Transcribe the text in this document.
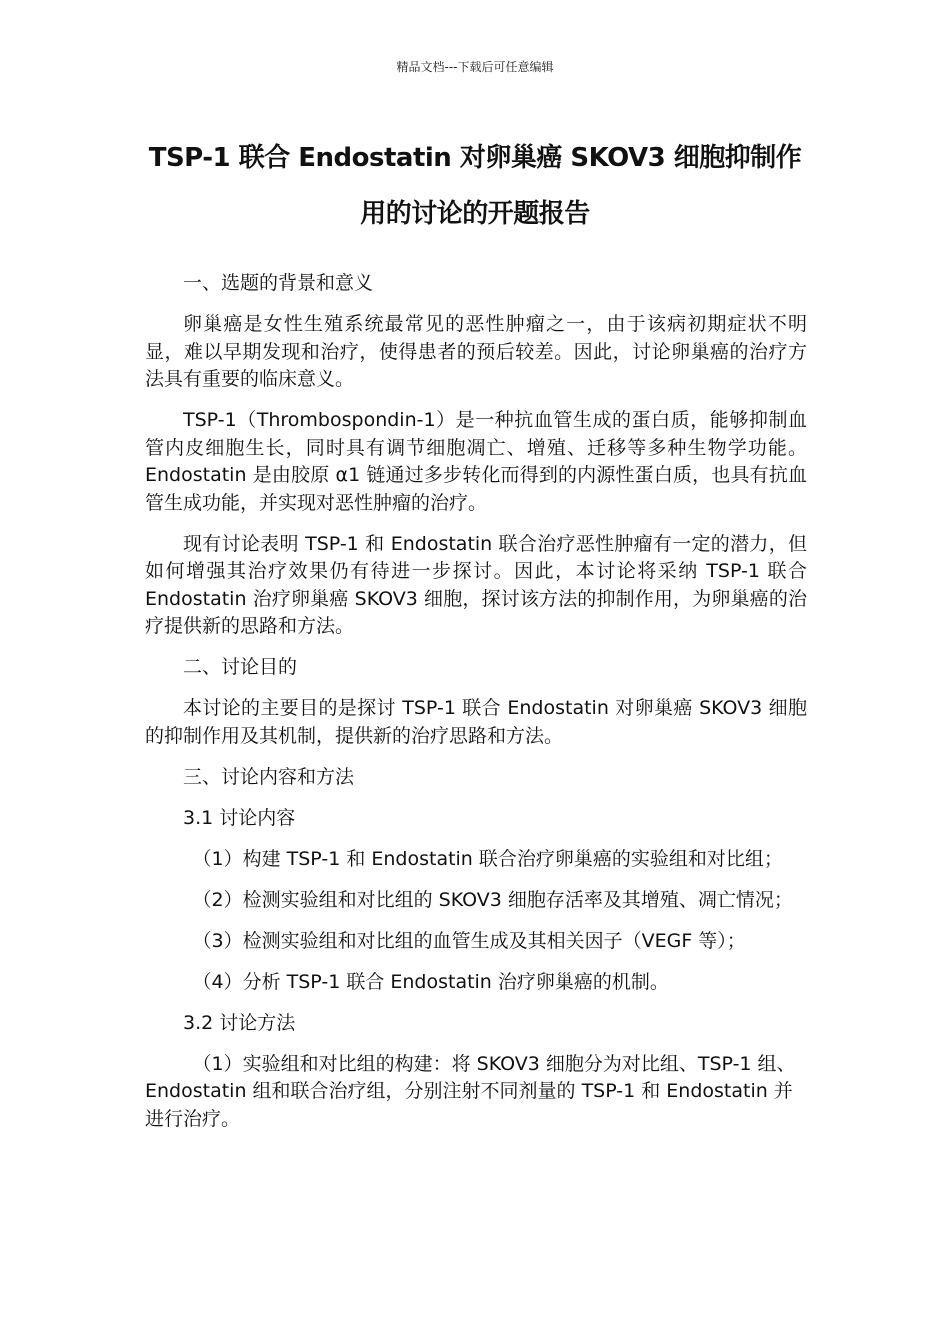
精品文档---下载后可任意编辑
TSP-1 联合 Endostatin 对卵巢癌 SKOV3 细胞抑制作用的讨论的开题报告

一、选题的背景和意义

卵巢癌是女性生殖系统最常见的恶性肿瘤之一，由于该病初期症状不明显，难以早期发现和治疗，使得患者的预后较差。因此，讨论卵巢癌的治疗方法具有重要的临床意义。

TSP-1（Thrombospondin-1）是一种抗血管生成的蛋白质，能够抑制血管内皮细胞生长，同时具有调节细胞凋亡、增殖、迁移等多种生物学功能。Endostatin 是由胶原 α1 链通过多步转化而得到的内源性蛋白质，也具有抗血管生成功能，并实现对恶性肿瘤的治疗。

现有讨论表明 TSP-1 和 Endostatin 联合治疗恶性肿瘤有一定的潜力，但如何增强其治疗效果仍有待进一步探讨。因此，本讨论将采纳 TSP-1 联合 Endostatin 治疗卵巢癌 SKOV3 细胞，探讨该方法的抑制作用，为卵巢癌的治疗提供新的思路和方法。

二、讨论目的

本讨论的主要目的是探讨 TSP-1 联合 Endostatin 对卵巢癌 SKOV3 细胞的抑制作用及其机制，提供新的治疗思路和方法。

三、讨论内容和方法

3.1 讨论内容

（1）构建 TSP-1 和 Endostatin 联合治疗卵巢癌的实验组和对比组；

（2）检测实验组和对比组的 SKOV3 细胞存活率及其增殖、凋亡情况；

（3）检测实验组和对比组的血管生成及其相关因子（VEGF 等）；

（4）分析 TSP-1 联合 Endostatin 治疗卵巢癌的机制。

3.2 讨论方法

（1）实验组和对比组的构建：将 SKOV3 细胞分为对比组、TSP-1 组、Endostatin 组和联合治疗组，分别注射不同剂量的 TSP-1 和 Endostatin 并进行治疗。
